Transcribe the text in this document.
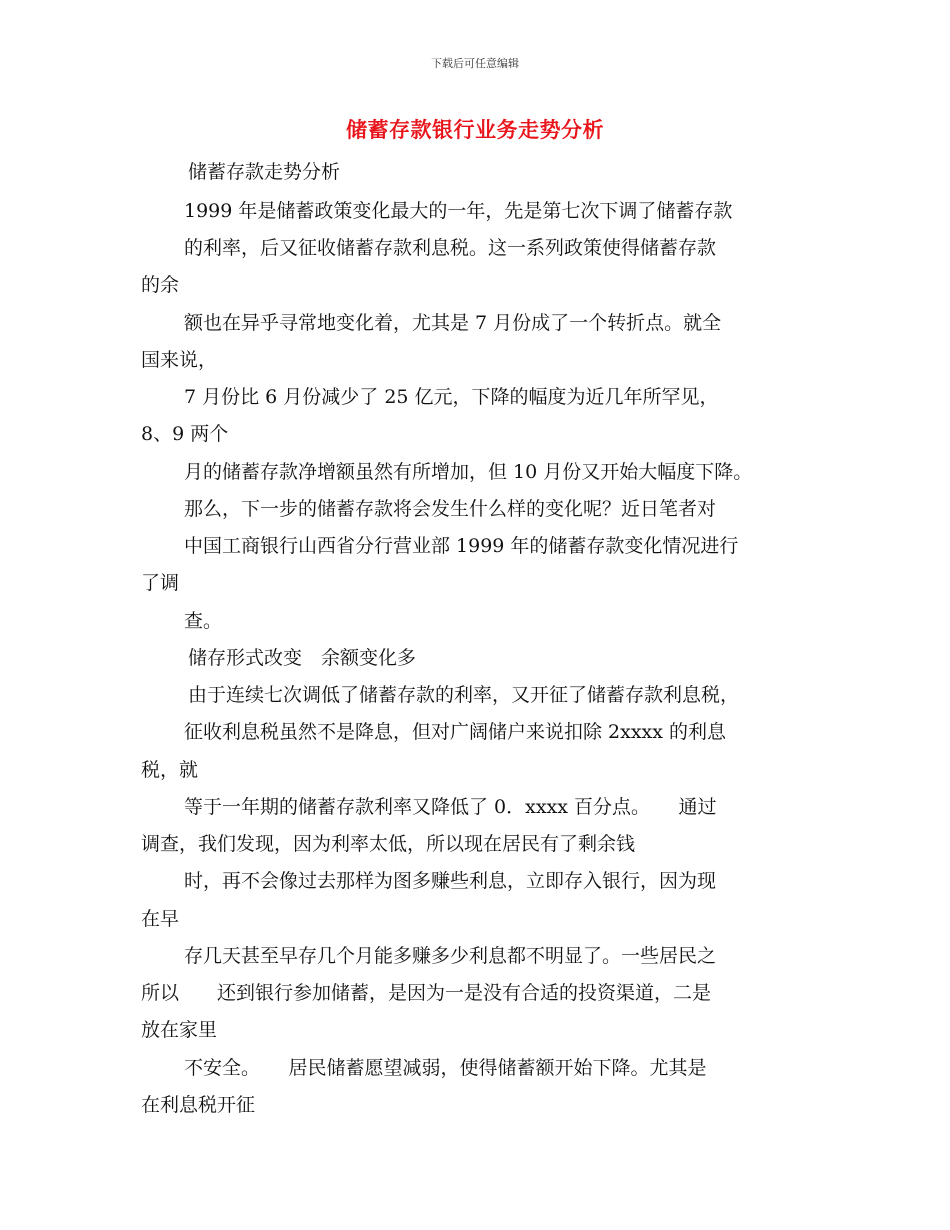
下载后可任意编辑
储蓄存款银行业务走势分析
储蓄存款走势分析
1999 年是储蓄政策变化最大的一年，先是第七次下调了储蓄存款
的利率，后又征收储蓄存款利息税。这一系列政策使得储蓄存款
的余
额也在异乎寻常地变化着，尤其是 7 月份成了一个转折点。就全
国来说，
7 月份比 6 月份减少了 25 亿元，下降的幅度为近几年所罕见，
8、9 两个
月的储蓄存款净增额虽然有所增加，但 10 月份又开始大幅度下降。
那么，下一步的储蓄存款将会发生什么样的变化呢？近日笔者对
中国工商银行山西省分行营业部 1999 年的储蓄存款变化情况进行
了调
查。
储存形式改变　余额变化多
由于连续七次调低了储蓄存款的利率，又开征了储蓄存款利息税，
征收利息税虽然不是降息，但对广阔储户来说扣除 2xxxx 的利息
税，就
等于一年期的储蓄存款利率又降低了 0．xxxx 百分点。　　通过
调查，我们发现，因为利率太低，所以现在居民有了剩余钱
时，再不会像过去那样为图多赚些利息，立即存入银行，因为现
在早
存几天甚至早存几个月能多赚多少利息都不明显了。一些居民之
所以　　还到银行参加储蓄，是因为一是没有合适的投资渠道，二是
放在家里
不安全。　　居民储蓄愿望减弱，使得储蓄额开始下降。尤其是
在利息税开征
